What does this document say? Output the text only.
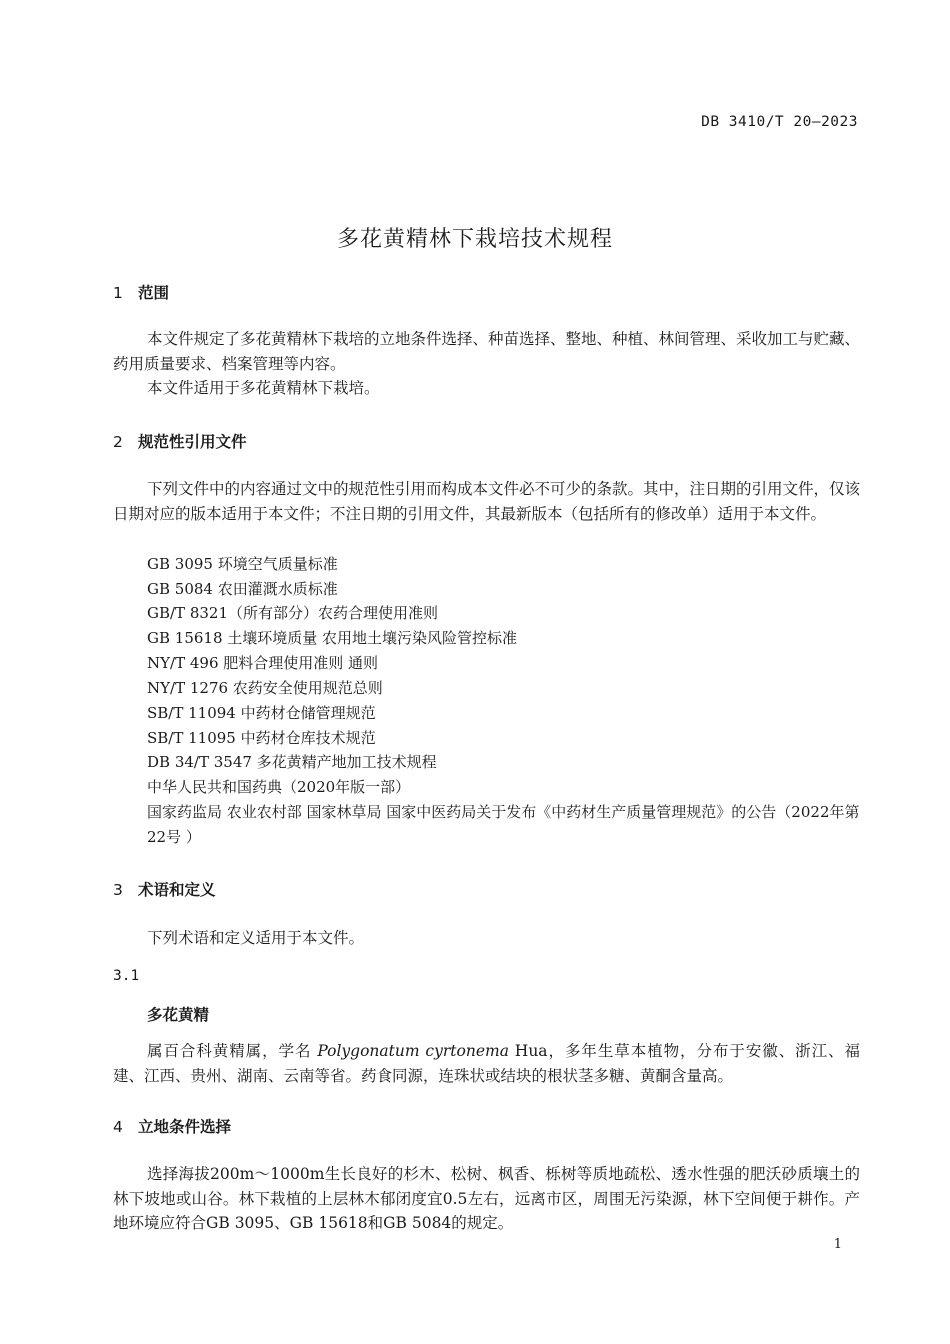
DB 3410/T 20—2023
多花黄精林下栽培技术规程
1 范围
本文件规定了多花黄精林下栽培的立地条件选择、种苗选择、整地、种植、林间管理、采收加工与贮藏、药用质量要求、档案管理等内容。
本文件适用于多花黄精林下栽培。
2 规范性引用文件
下列文件中的内容通过文中的规范性引用而构成本文件必不可少的条款。其中，注日期的引用文件，仅该日期对应的版本适用于本文件；不注日期的引用文件，其最新版本（包括所有的修改单）适用于本文件。
GB 3095 环境空气质量标准
GB 5084 农田灌溉水质标准
GB/T 8321（所有部分）农药合理使用准则
GB 15618 土壤环境质量 农用地土壤污染风险管控标准
NY/T 496 肥料合理使用准则 通则
NY/T 1276 农药安全使用规范总则
SB/T 11094 中药材仓储管理规范
SB/T 11095 中药材仓库技术规范
DB 34/T 3547 多花黄精产地加工技术规程
中华人民共和国药典（2020年版一部）
国家药监局 农业农村部 国家林草局 国家中医药局关于发布《中药材生产质量管理规范》的公告（2022年第22号 ）
3 术语和定义
下列术语和定义适用于本文件。
3.1
多花黄精
属百合科黄精属，学名 Polygonatum cyrtonema Hua，多年生草本植物，分布于安徽、浙江、福建、江西、贵州、湖南、云南等省。药食同源，连珠状或结块的根状茎多糖、黄酮含量高。
4 立地条件选择
选择海拔200m～1000m生长良好的杉木、松树、枫香、栎树等质地疏松、透水性强的肥沃砂质壤土的林下坡地或山谷。林下栽植的上层林木郁闭度宜0.5左右，远离市区，周围无污染源，林下空间便于耕作。产地环境应符合GB 3095、GB 15618和GB 5084的规定。
1
